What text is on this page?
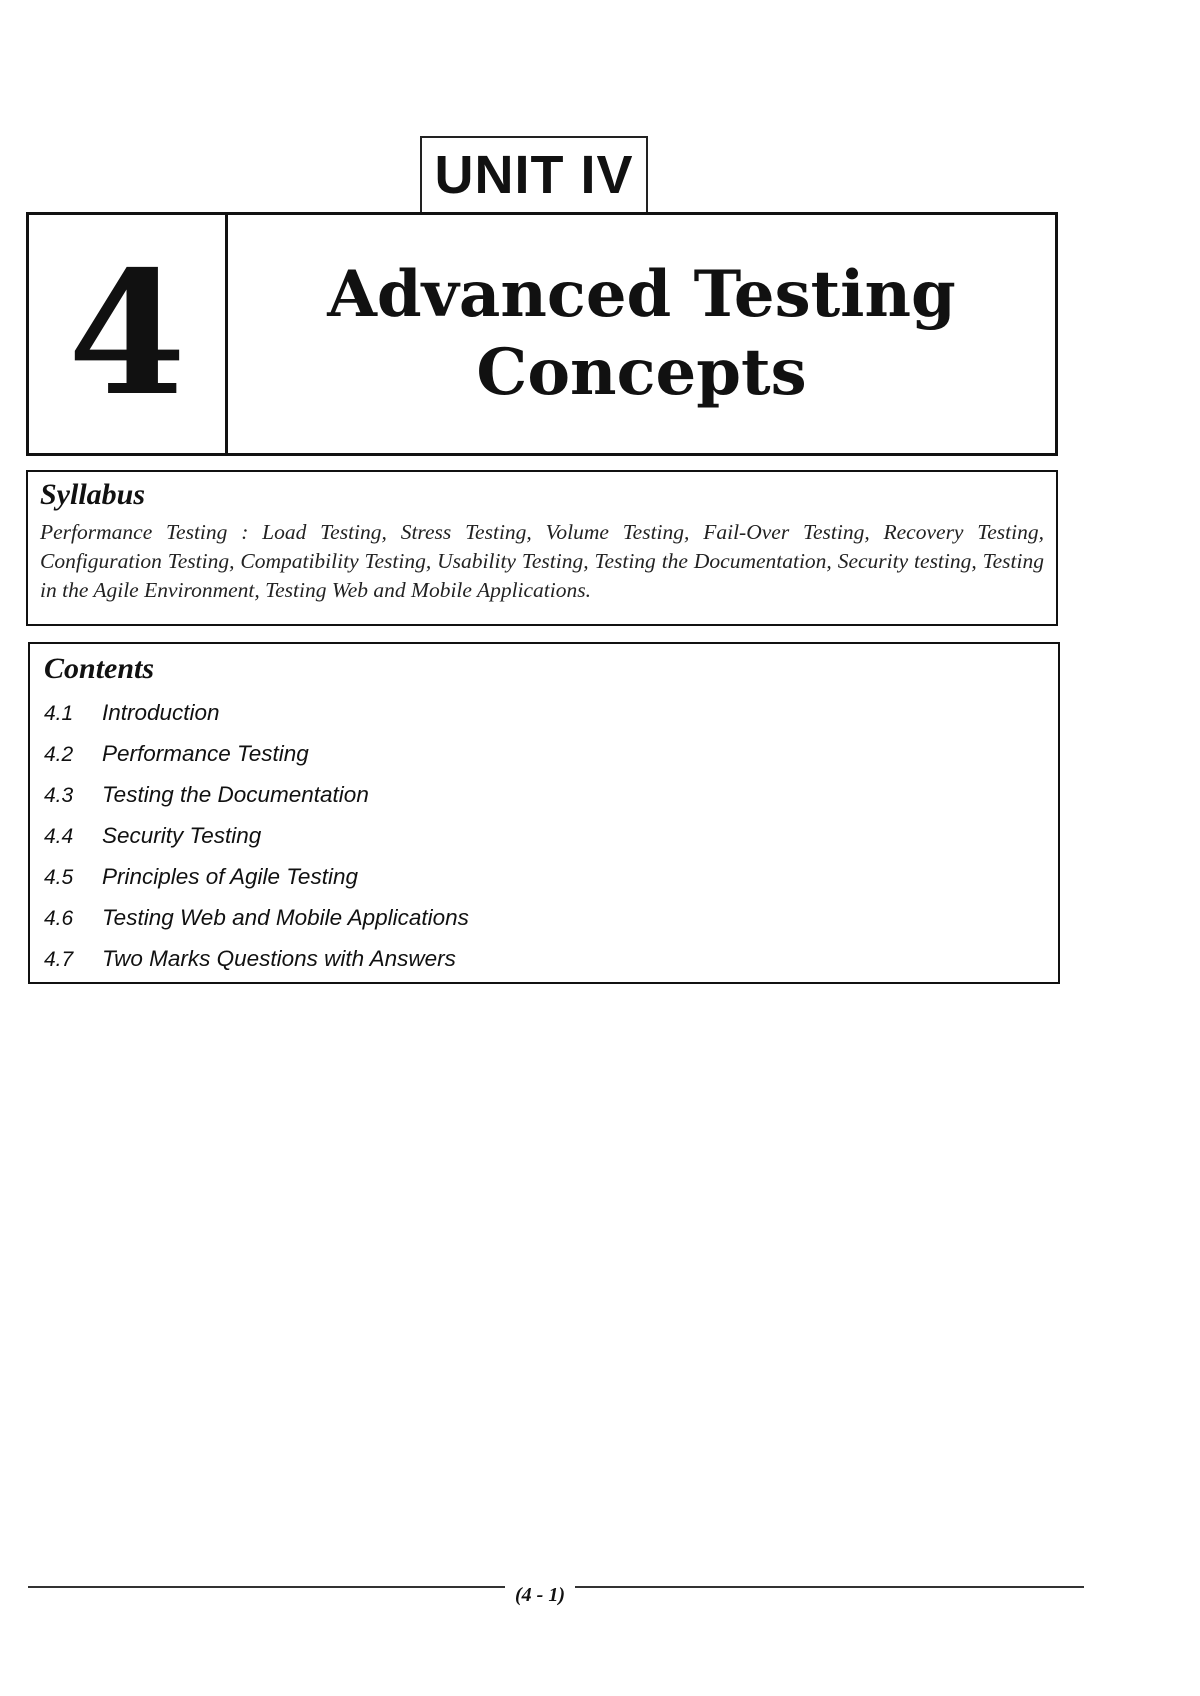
UNIT IV
4	Advanced Testing
Concepts
Syllabus
Performance Testing : Load Testing, Stress Testing, Volume Testing, Fail-Over Testing, Recovery Testing, Configuration Testing, Compatibility Testing, Usability Testing, Testing the Documentation, Security testing, Testing in the Agile Environment, Testing Web and Mobile Applications.
Contents
4.1	Introduction
4.2	Performance Testing
4.3	Testing the Documentation
4.4	Security Testing
4.5	Principles of Agile Testing
4.6	Testing Web and Mobile Applications
4.7	Two Marks Questions with Answers
(4 - 1)
